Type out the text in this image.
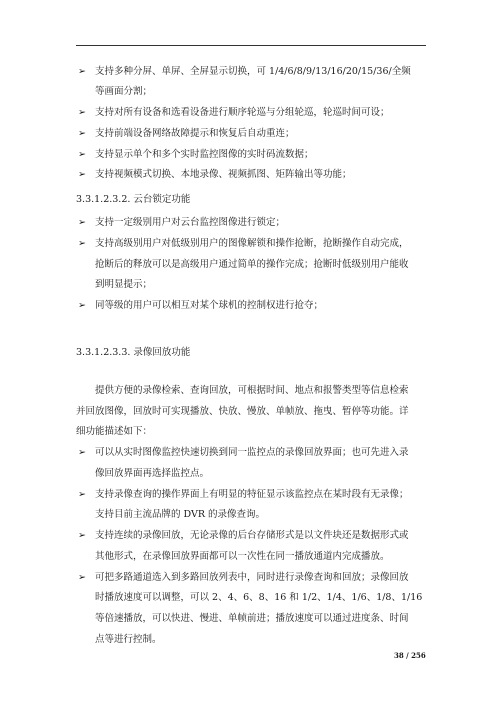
➢ 支持多种分屏、单屏、全屏显示切换，可 1/4/6/8/9/13/16/20/15/36/全频
等画面分割；
➢ 支持对所有设备和选看设备进行顺序轮巡与分组轮巡，轮巡时间可设；
➢ 支持前端设备网络故障提示和恢复后自动重连；
➢ 支持显示单个和多个实时监控图像的实时码流数据；
➢ 支持视频模式切换、本地录像、视频抓图、矩阵输出等功能；
3.3.1.2.3.2. 云台锁定功能
➢ 支持一定级别用户对云台监控图像进行锁定；
➢ 支持高级别用户对低级别用户的图像解锁和操作抢断，抢断操作自动完成，
抢断后的释放可以是高级用户通过简单的操作完成；抢断时低级别用户能收
到明显提示；
➢ 同等级的用户可以相互对某个球机的控制权进行抢夺；
3.3.1.2.3.3. 录像回放功能
提供方便的录像检索、查询回放，可根据时间、地点和报警类型等信息检索
并回放图像，回放时可实现播放、快放、慢放、单帧放、拖曳、暂停等功能。详
细功能描述如下：
➢ 可以从实时图像监控快速切换到同一监控点的录像回放界面；也可先进入录
像回放界面再选择监控点。
➢ 支持录像查询的操作界面上有明显的特征显示该监控点在某时段有无录像；
支持目前主流品牌的 DVR 的录像查询。
➢ 支持连续的录像回放，无论录像的后台存储形式是以文件块还是数据形式或
其他形式，在录像回放界面都可以一次性在同一播放通道内完成播放。
➢ 可把多路通道选入到多路回放列表中，同时进行录像查询和回放；录像回放
时播放速度可以调整，可以 2、4、6、8、16 和 1/2、1/4、1/6、1/8、1/16
等倍速播放，可以快进、慢进、单帧前进；播放速度可以通过进度条、时间
点等进行控制。
38 / 256
